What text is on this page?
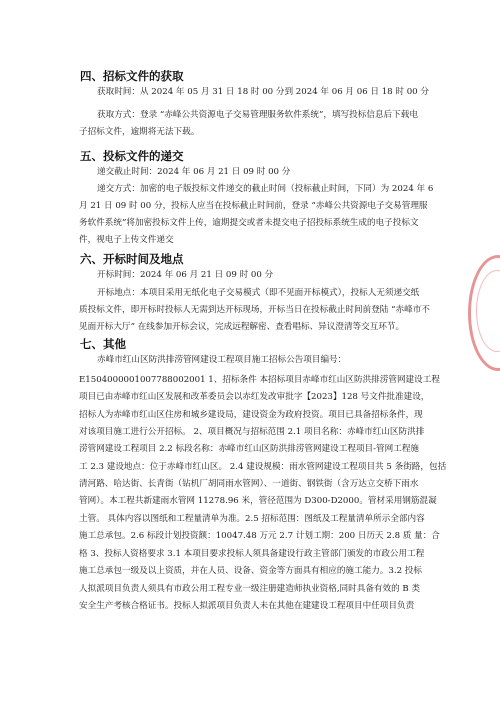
四、招标文件的获取
获取时间：从 2024 年 05 月 31 日 18 时 00 分到 2024 年 06 月 06 日 18 时 00 分
获取方式：登录 “赤峰公共资源电子交易管理服务软件系统”，填写投标信息后下载电
子招标文件，逾期将无法下载。
五、投标文件的递交
递交截止时间：2024 年 06 月 21 日 09 时 00 分
递交方式：加密的电子版投标文件递交的截止时间（投标截止时间，下同）为 2024 年 6
月 21 日 09 时 00 分，投标人应当在投标截止时间前，登录 “赤峰公共资源电子交易管理服
务软件系统”将加密投标文件上传，逾期提交或者未提交电子招投标系统生成的电子投标文
件，视电子上传文件递交
六、开标时间及地点
开标时间：2024 年 06 月 21 日 09 时 00 分
开标地点：本项目采用无纸化电子交易模式（即不见面开标模式），投标人无须递交纸
质投标文件，即开标时投标人无需到达开标现场，开标当日在投标截止时间前登陆 “赤峰市不
见面开标大厅” 在线参加开标会议，完成远程解密、查看唱标、异议澄清等交互环节。
七、其他
赤峰市红山区防洪排涝管网建设工程项目施工招标公告项目编号：
E1504000001007788002001 1、招标条件 本招标项目赤峰市红山区防洪排涝管网建设工程
项目已由赤峰市红山区发展和改革委员会以赤红发改审批字【2023】128 号文件批准建设，
招标人为赤峰市红山区住房和城乡建设局，建设资金为政府投资。项目已具备招标条件，现
对该项目施工进行公开招标。 2、项目概况与招标范围 2.1 项目名称：赤峰市红山区防洪排
涝管网建设工程项目 2.2 标段名称：赤峰市红山区防洪排涝管网建设工程项目-管网工程施
工 2.3 建设地点：位于赤峰市红山区。 2.4 建设规模：雨水管网建设工程项目共 5 条街路，包括
清河路、哈达街、长青街（钻机厂胡同雨水管网）、一道街、钢铁街（含万达立交桥下雨水
管网）。本工程共新建雨水管网 11278.96 米，管径范围为 D300-D2000。管材采用钢筋混凝
土管。 具体内容以图纸和工程量清单为准。2.5 招标范围：图纸及工程量清单所示全部内容
施工总承包。2.6 标段计划投资额：10047.48 万元 2.7 计划工期：200 日历天 2.8 质 量：合
格 3、投标人资格要求 3.1 本项目要求投标人须具备建设行政主管部门颁发的市政公用工程
施工总承包一级及以上资质，并在人员、设备、资金等方面具有相应的施工能力。3.2 投标
人拟派项目负责人须具有市政公用工程专业一级注册建造师执业资格,同时具备有效的 B 类
安全生产考核合格证书。投标人拟派项目负责人未在其他在建建设工程项目中任项目负责
